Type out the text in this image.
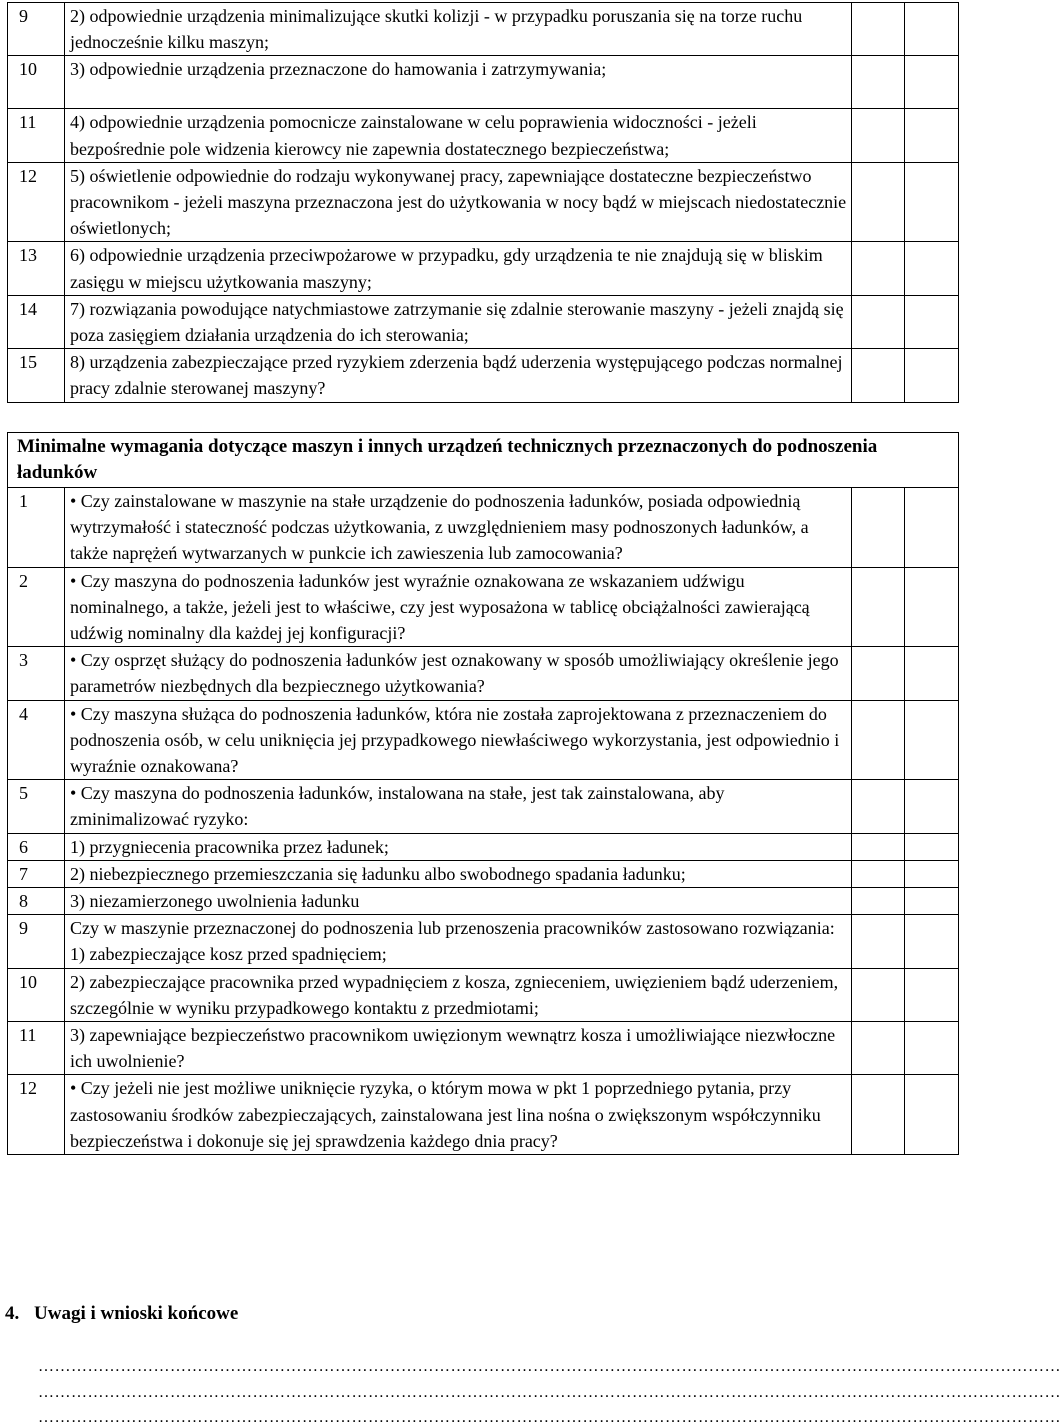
9	2) odpowiednie urządzenia minimalizujące skutki kolizji - w przypadku poruszania się na torze ruchu jednocześnie kilku maszyn;		
10	3) odpowiednie urządzenia przeznaczone do hamowania i zatrzymywania;		
11	4) odpowiednie urządzenia pomocnicze zainstalowane w celu poprawienia widoczności - jeżeli bezpośrednie pole widzenia kierowcy nie zapewnia dostatecznego bezpieczeństwa;		
12	5) oświetlenie odpowiednie do rodzaju wykonywanej pracy, zapewniające dostateczne bezpieczeństwo pracownikom - jeżeli maszyna przeznaczona jest do użytkowania w nocy bądź w miejscach niedostatecznie oświetlonych;		
13	6) odpowiednie urządzenia przeciwpożarowe w przypadku, gdy urządzenia te nie znajdują się w bliskim zasięgu w miejscu użytkowania maszyny;		
14	7) rozwiązania powodujące natychmiastowe zatrzymanie się zdalnie sterowanie maszyny - jeżeli znajdą się poza zasięgiem działania urządzenia do ich sterowania;		
15	8) urządzenia zabezpieczające przed ryzykiem zderzenia bądź uderzenia występującego podczas normalnej pracy zdalnie sterowanej maszyny?		
Minimalne wymagania dotyczące maszyn i innych urządzeń technicznych przeznaczonych do podnoszenia ładunków			
1	• Czy zainstalowane w maszynie na stałe urządzenie do podnoszenia ładunków, posiada odpowiednią wytrzymałość i stateczność podczas użytkowania, z uwzględnieniem masy podnoszonych ładunków, a także naprężeń wytwarzanych w punkcie ich zawieszenia lub zamocowania?		
2	• Czy maszyna do podnoszenia ładunków jest wyraźnie oznakowana ze wskazaniem udźwigu nominalnego, a także, jeżeli jest to właściwe, czy jest wyposażona w tablicę obciążalności zawierającą udźwig nominalny dla każdej jej konfiguracji?		
3	• Czy osprzęt służący do podnoszenia ładunków jest oznakowany w sposób umożliwiający określenie jego parametrów niezbędnych dla bezpiecznego użytkowania?		
4	• Czy maszyna służąca do podnoszenia ładunków, która nie została zaprojektowana z przeznaczeniem do podnoszenia osób, w celu uniknięcia jej przypadkowego niewłaściwego wykorzystania, jest odpowiednio i wyraźnie oznakowana?		
5	• Czy maszyna do podnoszenia ładunków, instalowana na stałe, jest tak zainstalowana, aby zminimalizować ryzyko:		
6	1) przygniecenia pracownika przez ładunek;		
7	2) niebezpiecznego przemieszczania się ładunku albo swobodnego spadania ładunku;		
8	3) niezamierzonego uwolnienia ładunku		
9	Czy w maszynie przeznaczonej do podnoszenia lub przenoszenia pracowników zastosowano rozwiązania:
1) zabezpieczające kosz przed spadnięciem;		

10	2) zabezpieczające pracownika przed wypadnięciem z kosza, zgnieceniem, uwięzieniem bądź uderzeniem, szczególnie w wyniku przypadkowego kontaktu z przedmiotami;		
11	3) zapewniające bezpieczeństwo pracownikom uwięzionym wewnątrz kosza i umożliwiające niezwłoczne ich uwolnienie?		
12	• Czy jeżeli nie jest możliwe uniknięcie ryzyka, o którym mowa w pkt 1 poprzedniego pytania, przy zastosowaniu środków zabezpieczających, zainstalowana jest lina nośna o zwiększonym współczynniku bezpieczeństwa i dokonuje się jej sprawdzenia każdego dnia pracy?		
4. Uwagi i wnioski końcowe
……………………………………………………………………………………………………………………………………………………………………
……………………………………………………………………………………………………………………………………………………………………
……………………………………………………………………………………………………………………………………………………………………
